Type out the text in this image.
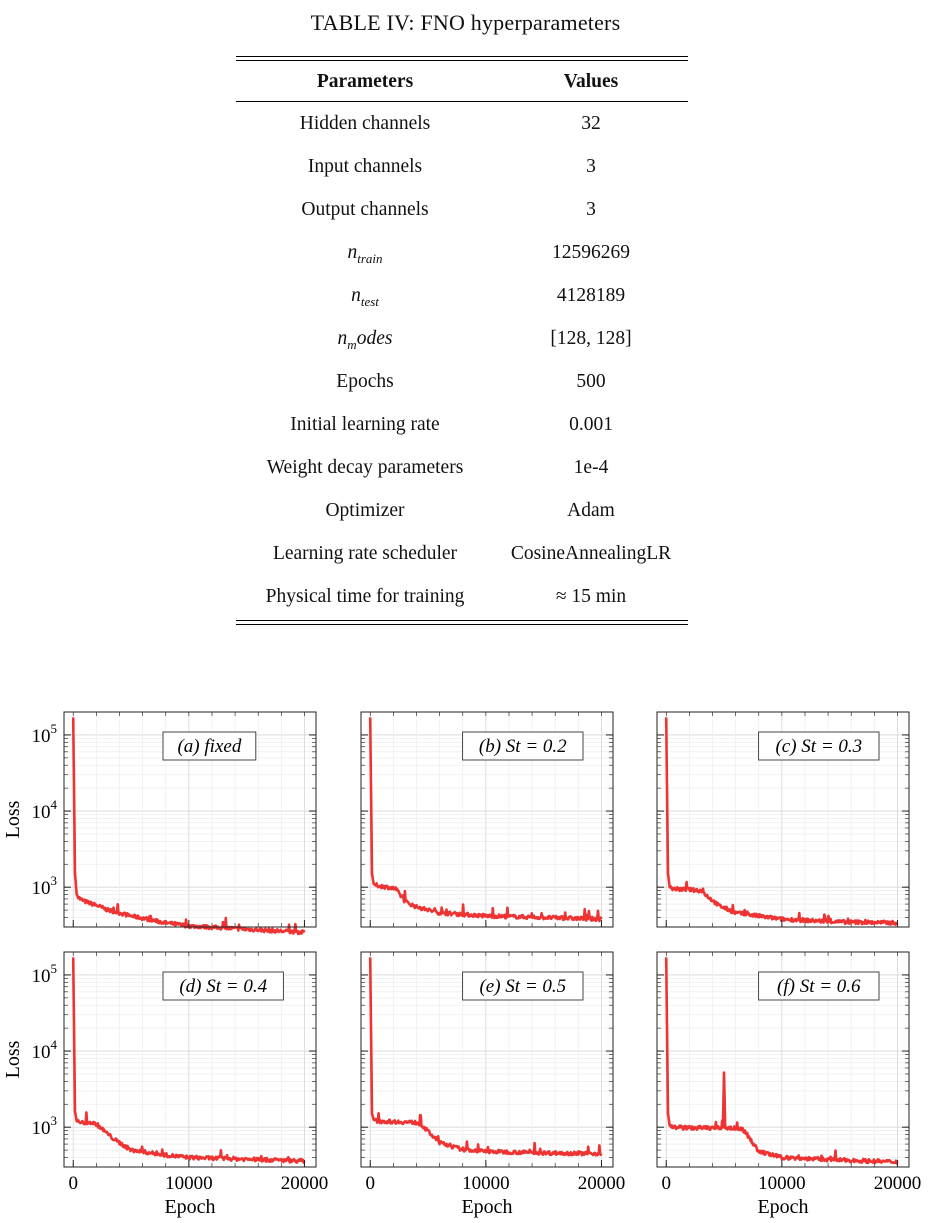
TABLE IV: FNO hyperparameters
Parameters	Values

Hidden channels	32
Input channels	3
Output channels	3
$n_{train}$	12596269
$n_{test}$	4128189
$n_modes$	[128, 128]
Epochs	500
Initial learning rate	0.001
Weight decay parameters	1e-4
Optimizer	Adam
Learning rate scheduler	CosineAnnealingLR
Physical time for training	≈ 15 min
$10^3$
$10^4$
$10^5$
Loss
(a) fixed	(b) St = 0.2	(c) St = 0.3
$10^3$
$10^4$
$10^5$
0	10000	20000
Epoch
Loss
(d) St = 0.4
0	10000	20000
Epoch
(e) St = 0.5
0	10000	20000
Epoch
(f) St = 0.6
